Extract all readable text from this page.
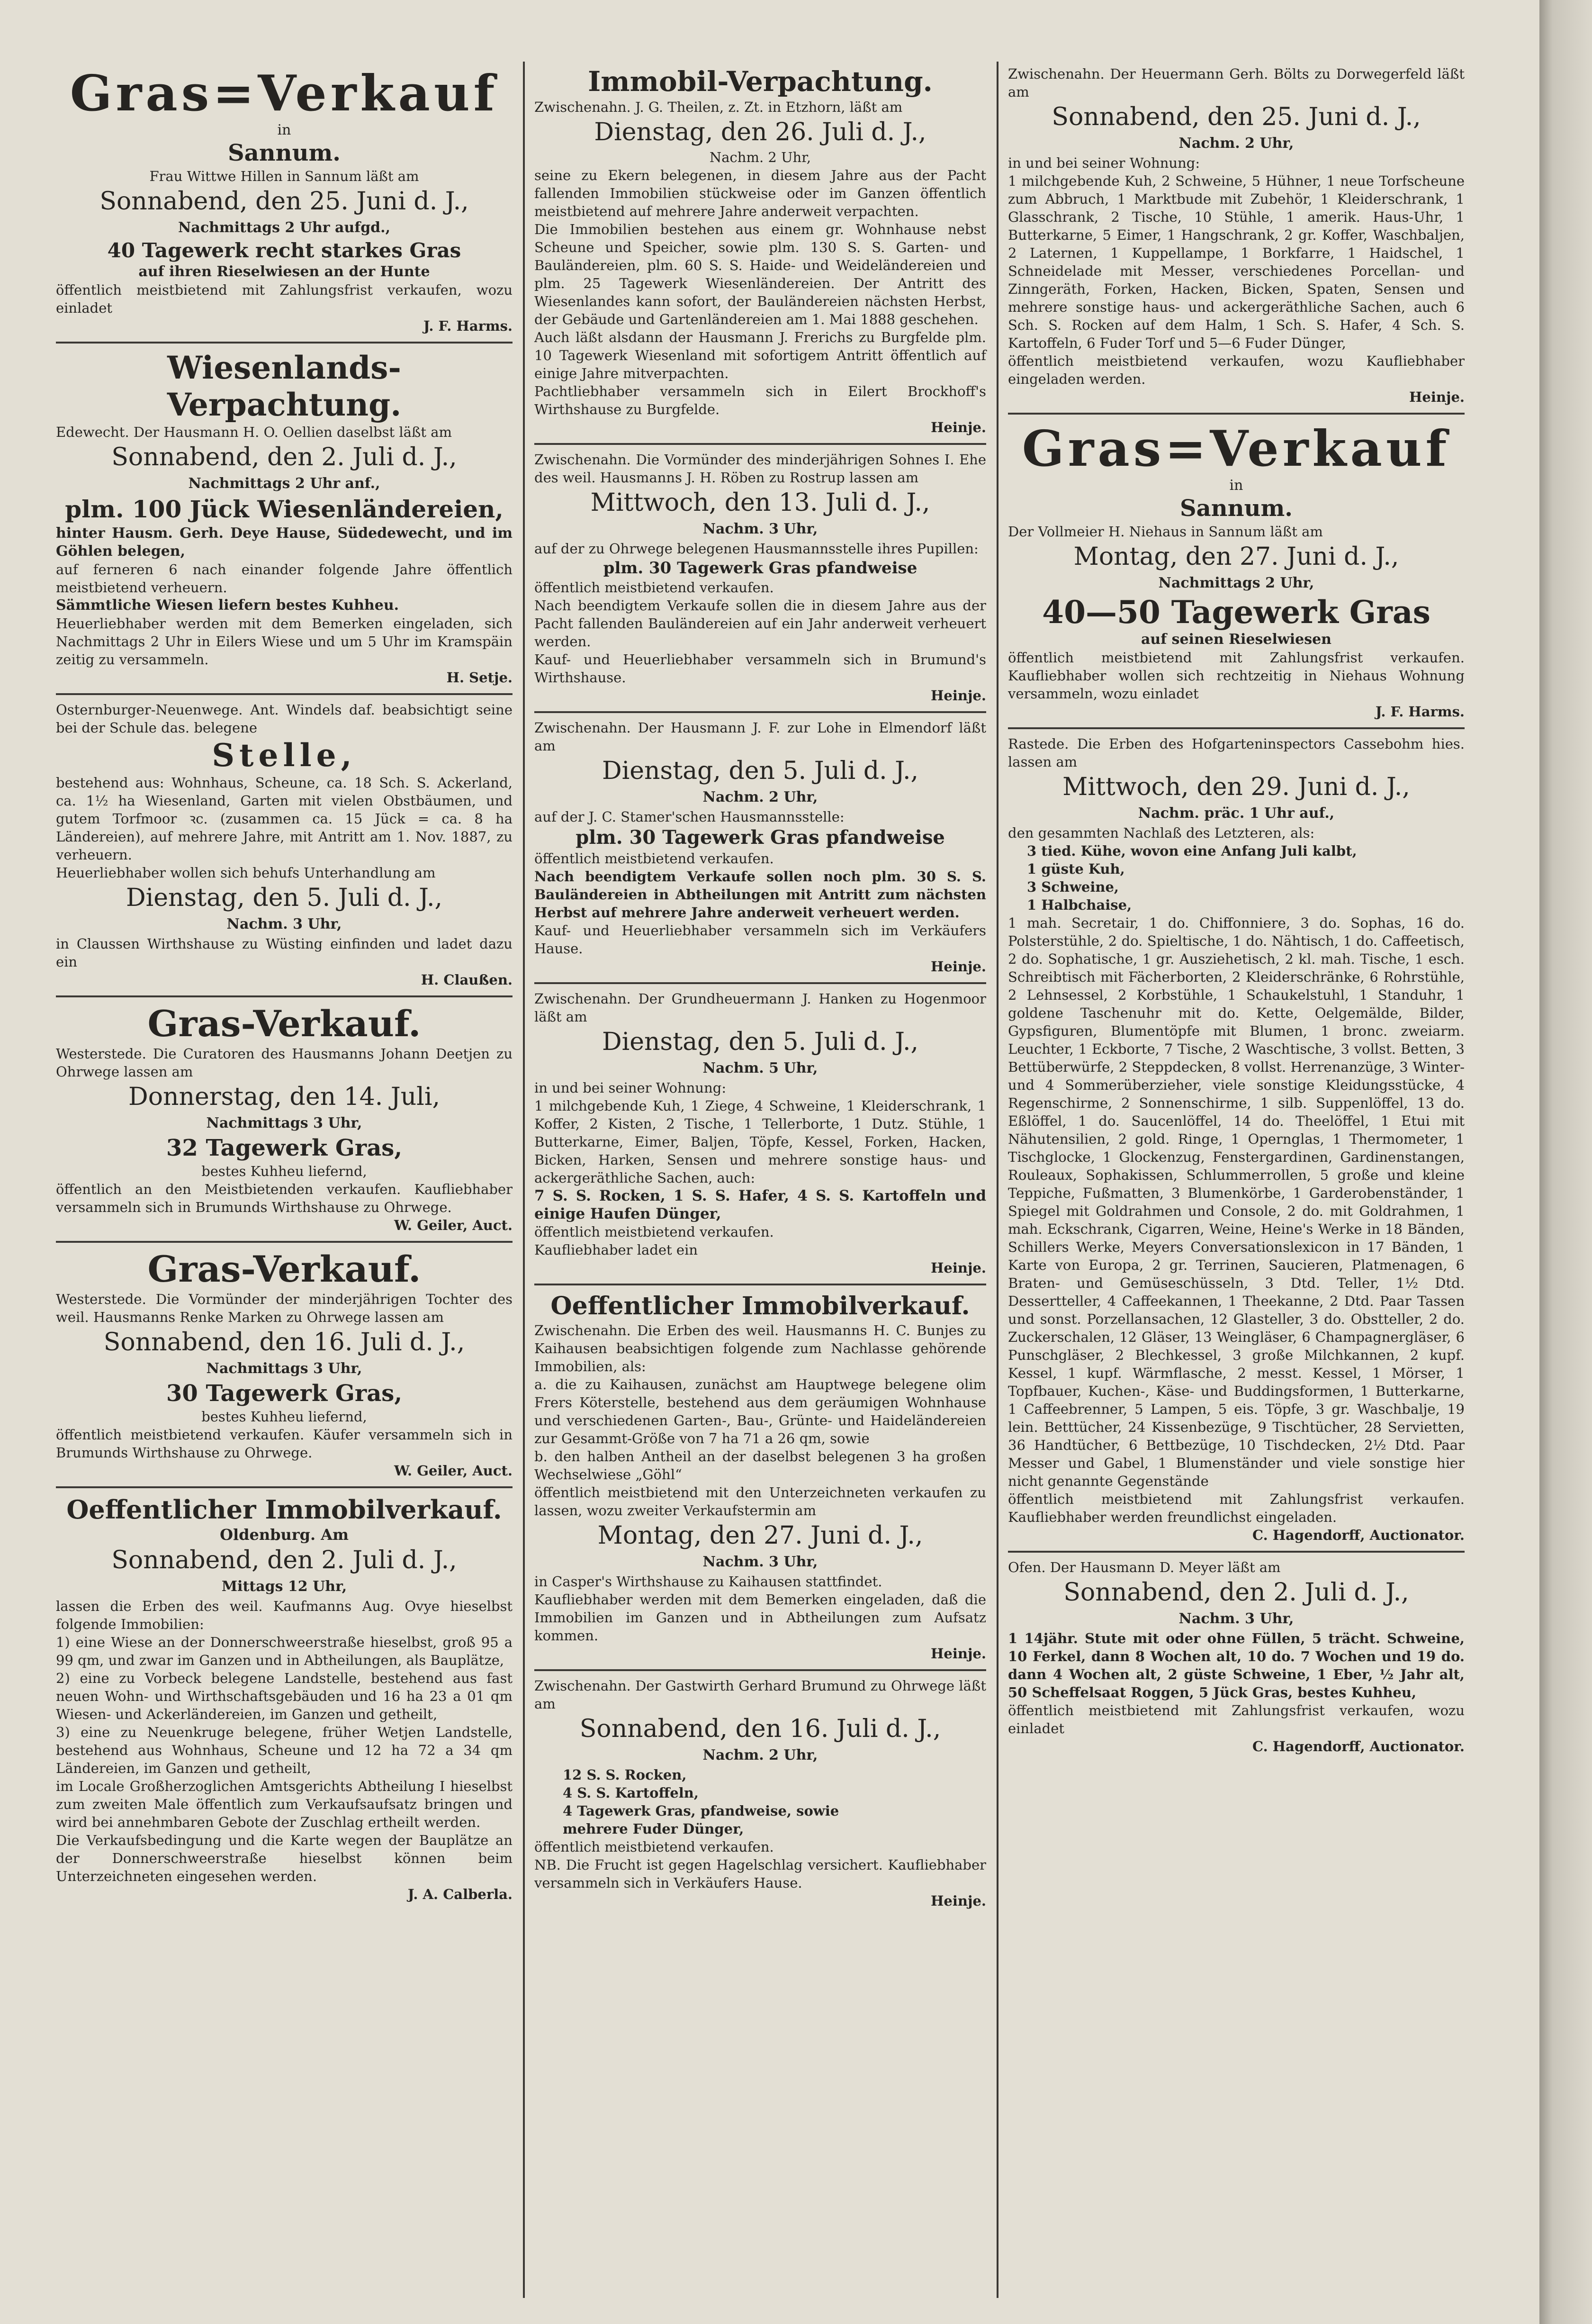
Gras=Verkauf

in

Sannum.

Frau Wittwe Hillen in Sannum läßt am

Sonnabend, den 25. Juni d. J.,

Nachmittags 2 Uhr aufgd.,

40 Tagewerk recht starkes Gras

auf ihren Rieselwiesen an der Hunte

öffentlich meistbietend mit Zahlungsfrist verkaufen, wozu einladet

J. F. Harms.

Wiesenlands-Verpachtung.

Edewecht. Der Hausmann H. O. Oellien daselbst läßt am

Sonnabend, den 2. Juli d. J.,

Nachmittags 2 Uhr anf.,

plm. 100 Jück Wiesenländereien,

hinter Hausm. Gerh. Deye Hause, Südedewecht, und im Göhlen belegen,

auf ferneren 6 nach einander folgende Jahre öffentlich meistbietend verheuern.

Sämmtliche Wiesen liefern bestes Kuhheu.

Heuerliebhaber werden mit dem Bemerken eingeladen, sich Nachmittags 2 Uhr in Eilers Wiese und um 5 Uhr im Kramspäin zeitig zu versammeln.

H. Setje.

Osternburger-Neuenwege. Ant. Windels daf. beabsichtigt seine bei der Schule das. belegene

Stelle,

bestehend aus: Wohnhaus, Scheune, ca. 18 Sch. S. Ackerland, ca. 1½ ha Wiesenland, Garten mit vielen Obstbäumen, und gutem Torfmoor ꝛc. (zusammen ca. 15 Jück = ca. 8 ha Ländereien), auf mehrere Jahre, mit Antritt am 1. Nov. 1887, zu verheuern.

Heuerliebhaber wollen sich behufs Unterhandlung am

Dienstag, den 5. Juli d. J.,

Nachm. 3 Uhr,

in Claussen Wirthshause zu Wüsting einfinden und ladet dazu ein

H. Claußen.

Gras-Verkauf.

Westerstede. Die Curatoren des Hausmanns Johann Deetjen zu Ohrwege lassen am

Donnerstag, den 14. Juli,

Nachmittags 3 Uhr,

32 Tagewerk Gras,

bestes Kuhheu liefernd,

öffentlich an den Meistbietenden verkaufen. Kaufliebhaber versammeln sich in Brumunds Wirthshause zu Ohrwege.

W. Geiler, Auct.

Gras-Verkauf.

Westerstede. Die Vormünder der minderjährigen Tochter des weil. Hausmanns Renke Marken zu Ohrwege lassen am

Sonnabend, den 16. Juli d. J.,

Nachmittags 3 Uhr,

30 Tagewerk Gras,

bestes Kuhheu liefernd,

öffentlich meistbietend verkaufen. Käufer versammeln sich in Brumunds Wirthshause zu Ohrwege.

W. Geiler, Auct.

Oeffentlicher Immobilverkauf.

Oldenburg. Am

Sonnabend, den 2. Juli d. J.,

Mittags 12 Uhr,

lassen die Erben des weil. Kaufmanns Aug. Ovye hieselbst folgende Immobilien:

1) eine Wiese an der Donnerschweerstraße hieselbst, groß 95 a 99 qm, und zwar im Ganzen und in Abtheilungen, als Bauplätze,
2) eine zu Vorbeck belegene Landstelle, bestehend aus fast neuen Wohn- und Wirthschaftsgebäuden und 16 ha 23 a 01 qm Wiesen- und Ackerländereien, im Ganzen und getheilt,
3) eine zu Neuenkruge belegene, früher Wetjen Landstelle, bestehend aus Wohnhaus, Scheune und 12 ha 72 a 34 qm Ländereien, im Ganzen und getheilt,

im Locale Großherzoglichen Amtsgerichts Abtheilung I hieselbst zum zweiten Male öffentlich zum Verkaufsaufsatz bringen und wird bei annehmbaren Gebote der Zuschlag ertheilt werden.

Die Verkaufsbedingung und die Karte wegen der Bauplätze an der Donnerschweerstraße hieselbst können beim Unterzeichneten eingesehen werden.

J. A. Calberla.

Immobil-Verpachtung.

Zwischenahn. J. G. Theilen, z. Zt. in Etzhorn, läßt am

Dienstag, den 26. Juli d. J.,

Nachm. 2 Uhr,

seine zu Ekern belegenen, in diesem Jahre aus der Pacht fallenden Immobilien stückweise oder im Ganzen öffentlich meistbietend auf mehrere Jahre anderweit verpachten.

Die Immobilien bestehen aus einem gr. Wohnhause nebst Scheune und Speicher, sowie plm. 130 S. S. Garten- und Bauländereien, plm. 60 S. S. Haide- und Weideländereien und plm. 25 Tagewerk Wiesenländereien. Der Antritt des Wiesenlandes kann sofort, der Bauländereien nächsten Herbst, der Gebäude und Gartenländereien am 1. Mai 1888 geschehen.

Auch läßt alsdann der Hausmann J. Frerichs zu Burgfelde plm. 10 Tagewerk Wiesenland mit sofortigem Antritt öffentlich auf einige Jahre mitverpachten.

Pachtliebhaber versammeln sich in Eilert Brockhoff's Wirthshause zu Burgfelde.

Heinje.

Zwischenahn. Die Vormünder des minderjährigen Sohnes I. Ehe des weil. Hausmanns J. H. Röben zu Rostrup lassen am

Mittwoch, den 13. Juli d. J.,

Nachm. 3 Uhr,

auf der zu Ohrwege belegenen Hausmannsstelle ihres Pupillen:

plm. 30 Tagewerk Gras pfandweise

öffentlich meistbietend verkaufen.

Nach beendigtem Verkaufe sollen die in diesem Jahre aus der Pacht fallenden Bauländereien auf ein Jahr anderweit verheuert werden.

Kauf- und Heuerliebhaber versammeln sich in Brumund's Wirthshause.

Heinje.

Zwischenahn. Der Hausmann J. F. zur Lohe in Elmendorf läßt am

Dienstag, den 5. Juli d. J.,

Nachm. 2 Uhr,

auf der J. C. Stamer'schen Hausmannsstelle:

plm. 30 Tagewerk Gras pfandweise

öffentlich meistbietend verkaufen.

Nach beendigtem Verkaufe sollen noch plm. 30 S. S. Bauländereien in Abtheilungen mit Antritt zum nächsten Herbst auf mehrere Jahre anderweit verheuert werden.

Kauf- und Heuerliebhaber versammeln sich im Verkäufers Hause.

Heinje.

Zwischenahn. Der Grundheuermann J. Hanken zu Hogenmoor läßt am

Dienstag, den 5. Juli d. J.,

Nachm. 5 Uhr,

in und bei seiner Wohnung:

1 milchgebende Kuh, 1 Ziege, 4 Schweine, 1 Kleiderschrank, 1 Koffer, 2 Kisten, 2 Tische, 1 Tellerborte, 1 Dutz. Stühle, 1 Butterkarne, Eimer, Baljen, Töpfe, Kessel, Forken, Hacken, Bicken, Harken, Sensen und mehrere sonstige haus- und ackergeräthliche Sachen, auch:

7 S. S. Rocken, 1 S. S. Hafer, 4 S. S. Kartoffeln und einige Haufen Dünger,

öffentlich meistbietend verkaufen.

Kaufliebhaber ladet ein

Heinje.

Oeffentlicher Immobilverkauf.

Zwischenahn. Die Erben des weil. Hausmanns H. C. Bunjes zu Kaihausen beabsichtigen folgende zum Nachlasse gehörende Immobilien, als:

a. die zu Kaihausen, zunächst am Hauptwege belegene olim Frers Köterstelle, bestehend aus dem geräumigen Wohnhause und verschiedenen Garten-, Bau-, Grünte- und Haideländereien zur Gesammt-Größe von 7 ha 71 a 26 qm, sowie
b. den halben Antheil an der daselbst belegenen 3 ha großen Wechselwiese „Göhl“

öffentlich meistbietend mit den Unterzeichneten verkaufen zu lassen, wozu zweiter Verkaufstermin am

Montag, den 27. Juni d. J.,

Nachm. 3 Uhr,

in Casper's Wirthshause zu Kaihausen stattfindet.

Kaufliebhaber werden mit dem Bemerken eingeladen, daß die Immobilien im Ganzen und in Abtheilungen zum Aufsatz kommen.

Heinje.

Zwischenahn. Der Gastwirth Gerhard Brumund zu Ohrwege läßt am

Sonnabend, den 16. Juli d. J.,

Nachm. 2 Uhr,

12 S. S. Rocken,
4 S. S. Kartoffeln,
4 Tagewerk Gras, pfandweise, sowie
mehrere Fuder Dünger,

öffentlich meistbietend verkaufen.

NB. Die Frucht ist gegen Hagelschlag versichert. Kaufliebhaber versammeln sich in Verkäufers Hause.

Heinje.

Zwischenahn. Der Heuermann Gerh. Bölts zu Dorwegerfeld läßt am

Sonnabend, den 25. Juni d. J.,

Nachm. 2 Uhr,

in und bei seiner Wohnung:

1 milchgebende Kuh, 2 Schweine, 5 Hühner, 1 neue Torfscheune zum Abbruch, 1 Marktbude mit Zubehör, 1 Kleiderschrank, 1 Glasschrank, 2 Tische, 10 Stühle, 1 amerik. Haus-Uhr, 1 Butterkarne, 5 Eimer, 1 Hangschrank, 2 gr. Koffer, Waschbaljen, 2 Laternen, 1 Kuppellampe, 1 Borkfarre, 1 Haidschel, 1 Schneidelade mit Messer, verschiedenes Porcellan- und Zinngeräth, Forken, Hacken, Bicken, Spaten, Sensen und mehrere sonstige haus- und ackergeräthliche Sachen, auch 6 Sch. S. Rocken auf dem Halm, 1 Sch. S. Hafer, 4 Sch. S. Kartoffeln, 6 Fuder Torf und 5—6 Fuder Dünger,

öffentlich meistbietend verkaufen, wozu Kaufliebhaber eingeladen werden.

Heinje.

Gras=Verkauf

in

Sannum.

Der Vollmeier H. Niehaus in Sannum läßt am

Montag, den 27. Juni d. J.,

Nachmittags 2 Uhr,

40—50 Tagewerk Gras

auf seinen Rieselwiesen

öffentlich meistbietend mit Zahlungsfrist verkaufen. Kaufliebhaber wollen sich rechtzeitig in Niehaus Wohnung versammeln, wozu einladet

J. F. Harms.

Rastede. Die Erben des Hofgarteninspectors Cassebohm hies. lassen am

Mittwoch, den 29. Juni d. J.,

Nachm. präc. 1 Uhr auf.,

den gesammten Nachlaß des Letzteren, als:

3 tied. Kühe, wovon eine Anfang Juli kalbt,
1 güste Kuh,
3 Schweine,
1 Halbchaise,

1 mah. Secretair, 1 do. Chiffonniere, 3 do. Sophas, 16 do. Polsterstühle, 2 do. Spieltische, 1 do. Nähtisch, 1 do. Caffeetisch, 2 do. Sophatische, 1 gr. Ausziehetisch, 2 kl. mah. Tische, 1 esch. Schreibtisch mit Fächerborten, 2 Kleiderschränke, 6 Rohrstühle, 2 Lehnsessel, 2 Korbstühle, 1 Schaukelstuhl, 1 Standuhr, 1 goldene Taschenuhr mit do. Kette, Oelgemälde, Bilder, Gypsfiguren, Blumentöpfe mit Blumen, 1 bronc. zweiarm. Leuchter, 1 Eckborte, 7 Tische, 2 Waschtische, 3 vollst. Betten, 3 Bettüberwürfe, 2 Steppdecken, 8 vollst. Herrenanzüge, 3 Winter- und 4 Sommerüberzieher, viele sonstige Kleidungsstücke, 4 Regenschirme, 2 Sonnenschirme, 1 silb. Suppenlöffel, 13 do. Eßlöffel, 1 do. Saucenlöffel, 14 do. Theelöffel, 1 Etui mit Nähutensilien, 2 gold. Ringe, 1 Opernglas, 1 Thermometer, 1 Tischglocke, 1 Glockenzug, Fenstergardinen, Gardinenstangen, Rouleaux, Sophakissen, Schlummerrollen, 5 große und kleine Teppiche, Fußmatten, 3 Blumenkörbe, 1 Garderobenständer, 1 Spiegel mit Goldrahmen und Console, 2 do. mit Goldrahmen, 1 mah. Eckschrank, Cigarren, Weine, Heine's Werke in 18 Bänden, Schillers Werke, Meyers Conversationslexicon in 17 Bänden, 1 Karte von Europa, 2 gr. Terrinen, Saucieren, Platmenagen, 6 Braten- und Gemüseschüsseln, 3 Dtd. Teller, 1½ Dtd. Dessertteller, 4 Caffeekannen, 1 Theekanne, 2 Dtd. Paar Tassen und sonst. Porzellansachen, 12 Glasteller, 3 do. Obstteller, 2 do. Zuckerschalen, 12 Gläser, 13 Weingläser, 6 Champagnergläser, 6 Punschgläser, 2 Blechkessel, 3 große Milchkannen, 2 kupf. Kessel, 1 kupf. Wärmflasche, 2 messt. Kessel, 1 Mörser, 1 Topfbauer, Kuchen-, Käse- und Buddingsformen, 1 Butterkarne, 1 Caffeebrenner, 5 Lampen, 5 eis. Töpfe, 3 gr. Waschbalje, 19 lein. Betttücher, 24 Kissenbezüge, 9 Tischtücher, 28 Servietten, 36 Handtücher, 6 Bettbezüge, 10 Tischdecken, 2½ Dtd. Paar Messer und Gabel, 1 Blumenständer und viele sonstige hier nicht genannte Gegenstände

öffentlich meistbietend mit Zahlungsfrist verkaufen. Kaufliebhaber werden freundlichst eingeladen.

C. Hagendorff, Auctionator.

Ofen. Der Hausmann D. Meyer läßt am

Sonnabend, den 2. Juli d. J.,

Nachm. 3 Uhr,

1 14jähr. Stute mit oder ohne Füllen, 5 trächt. Schweine, 10 Ferkel, dann 8 Wochen alt, 10 do. 7 Wochen und 19 do. dann 4 Wochen alt, 2 güste Schweine, 1 Eber, ½ Jahr alt, 50 Scheffelsaat Roggen, 5 Jück Gras, bestes Kuhheu,

öffentlich meistbietend mit Zahlungsfrist verkaufen, wozu einladet

C. Hagendorff, Auctionator.
